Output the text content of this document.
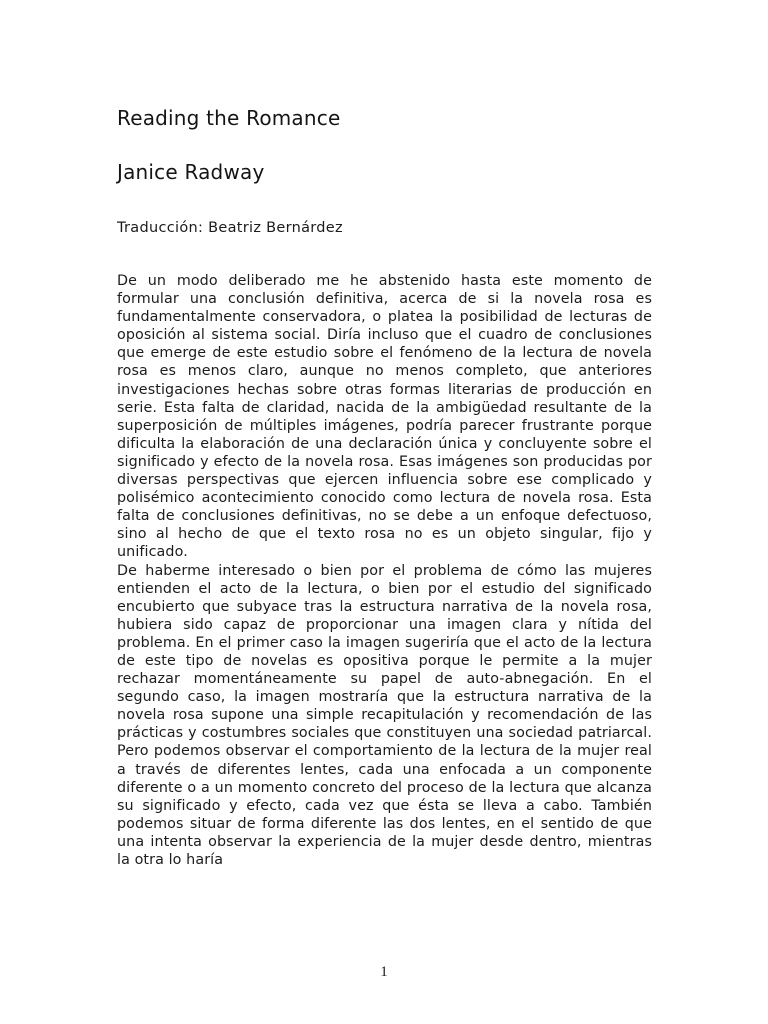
Reading the Romance
Janice Radway
Traducción: Beatriz Bernárdez

De un modo deliberado me he abstenido hasta este momento de formular una conclusión definitiva, acerca de si la novela rosa es fundamentalmente conservadora, o platea la posibilidad de lecturas de oposición al sistema social. Diría incluso que el cuadro de conclusiones que emerge de este estudio sobre el fenómeno de la lectura de novela rosa es menos claro, aunque no menos completo, que anteriores investigaciones hechas sobre otras formas literarias de producción en serie. Esta falta de claridad, nacida de la ambigüedad resultante de la superposición de múltiples imágenes, podría parecer frustrante porque dificulta la elaboración de una declaración única y concluyente sobre el significado y efecto de la novela rosa. Esas imágenes son producidas por diversas perspectivas que ejercen influencia sobre ese complicado y polisémico acontecimiento conocido como lectura de novela rosa. Esta falta de conclusiones definitivas, no se debe a un enfoque defectuoso, sino al hecho de que el texto rosa no es un objeto singular, fijo y unificado.

De haberme interesado o bien por el problema de cómo las mujeres entienden el acto de la lectura, o bien por el estudio del significado encubierto que subyace tras la estructura narrativa de la novela rosa, hubiera sido capaz de proporcionar una imagen clara y nítida del problema. En el primer caso la imagen sugeriría que el acto de la lectura de este tipo de novelas es opositiva porque le permite a la mujer rechazar momentáneamente su papel de auto-abnegación. En el segundo caso, la imagen mostraría que la estructura narrativa de la novela rosa supone una simple recapitulación y recomendación de las prácticas y costumbres sociales que constituyen una sociedad patriarcal. Pero podemos observar el comportamiento de la lectura de la mujer real a través de diferentes lentes, cada una enfocada a un componente diferente o a un momento concreto del proceso de la lectura que alcanza su significado y efecto, cada vez que ésta se lleva a cabo. También podemos situar de forma diferente las dos lentes, en el sentido de que una intenta observar la experiencia de la mujer desde dentro, mientras la otra lo haría

1
